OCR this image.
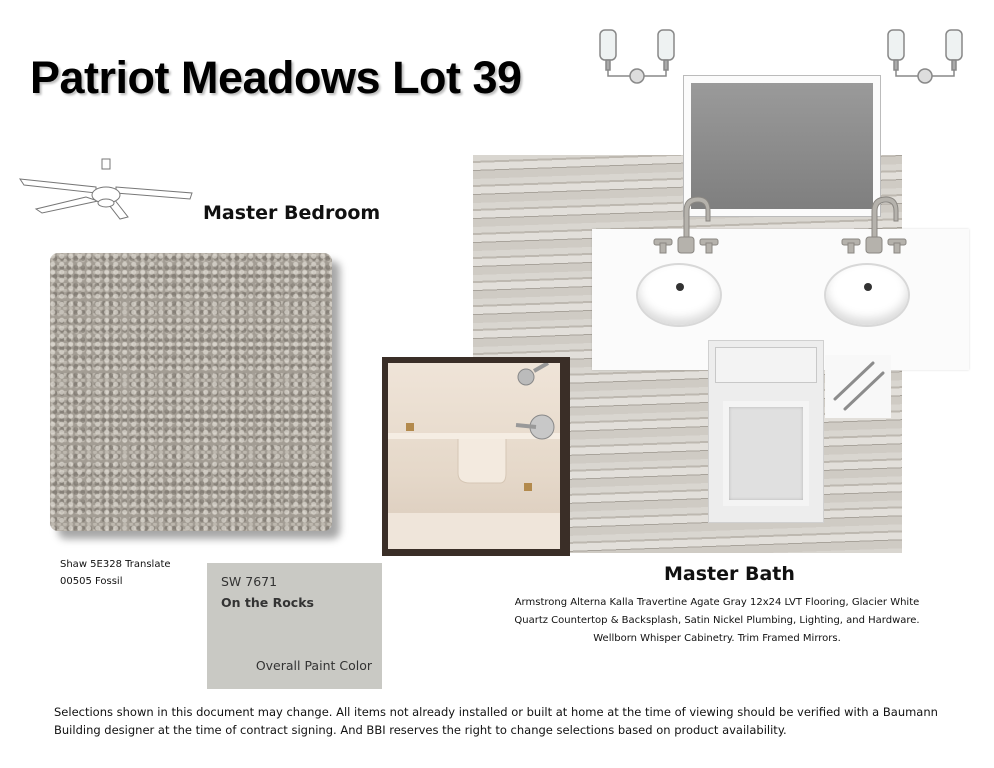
Patriot Meadows Lot 39
Master Bedroom
Shaw 5E328 Translate
00505 Fossil	SW 7671
On the Rocks
Overall Paint Color
Master Bath
Armstrong Alterna Kalla Travertine Agate Gray 12x24 LVT Flooring, Glacier White Quartz Countertop & Backsplash, Satin Nickel Plumbing, Lighting, and Hardware. Wellborn Whisper Cabinetry. Trim Framed Mirrors.
Selections shown in this document may change. All items not already installed or built at home at the time of viewing should be verified with a Baumann Building designer at the time of contract signing. And BBI reserves the right to change selections based on product availability.
